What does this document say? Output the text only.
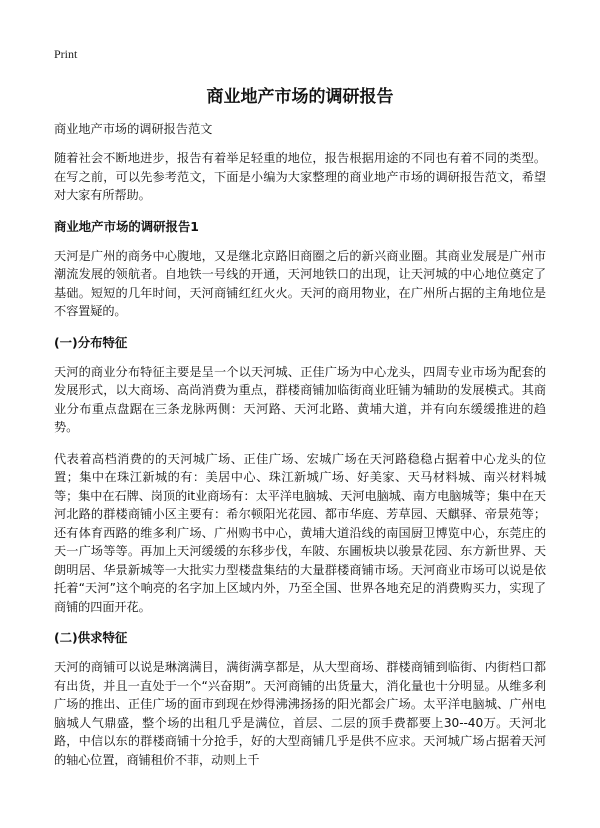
Print
商业地产市场的调研报告

商业地产市场的调研报告范文

随着社会不断地进步，报告有着举足轻重的地位，报告根据用途的不同也有着不同的类型。在写之前，可以先参考范文，下面是小编为大家整理的商业地产市场的调研报告范文，希望对大家有所帮助。

商业地产市场的调研报告1

天河是广州的商务中心腹地，又是继北京路旧商圈之后的新兴商业圈。其商业发展是广州市潮流发展的领航者。自地铁一号线的开通，天河地铁口的出现，让天河城的中心地位奠定了基础。短短的几年时间，天河商铺红红火火。天河的商用物业，在广州所占据的主角地位是不容置疑的。

(一)分布特征

天河的商业分布特征主要是呈一个以天河城、正佳广场为中心龙头，四周专业市场为配套的发展形式，以大商场、高尚消费为重点，群楼商铺加临街商业旺铺为辅助的发展模式。其商业分布重点盘踞在三条龙脉两侧：天河路、天河北路、黄埔大道，并有向东缓缓推进的趋势。

代表着高档消费的的天河城广场、正佳广场、宏城广场在天河路稳稳占据着中心龙头的位置；集中在珠江新城的有：美居中心、珠江新城广场、好美家、天马材料城、南兴材料城等；集中在石牌、岗顶的it业商场有：太平洋电脑城、天河电脑城、南方电脑城等；集中在天河北路的群楼商铺小区主要有：希尔顿阳光花园、都市华庭、芳草园、天麒驿、帝景苑等；还有体育西路的维多利广场、广州购书中心，黄埔大道沿线的南国厨卫博览中心，东莞庄的天一广场等等。再加上天河缓缓的东移步伐，车陂、东圃板块以骏景花园、东方新世界、天朗明居、华景新城等一大批实力型楼盘集结的大量群楼商铺市场。天河商业市场可以说是依托着“天河”这个响亮的名字加上区域内外，乃至全国、世界各地充足的消费购买力，实现了商铺的四面开花。

(二)供求特征

天河的商铺可以说是琳漓满目，满街满享都是，从大型商场、群楼商铺到临街、内街档口都有出货，并且一直处于一个“兴奋期”。天河商铺的出货量大，消化量也十分明显。从维多利广场的推出、正佳广场的面市到现在炒得沸沸扬扬的阳光都会广场。太平洋电脑城、广州电脑城人气鼎盛，整个场的出租几乎是满位，首层、二层的顶手费都要上30--40万。天河北路，中信以东的群楼商铺十分抢手，好的大型商铺几乎是供不应求。天河城广场占据着天河的轴心位置，商铺租价不菲，动则上千
